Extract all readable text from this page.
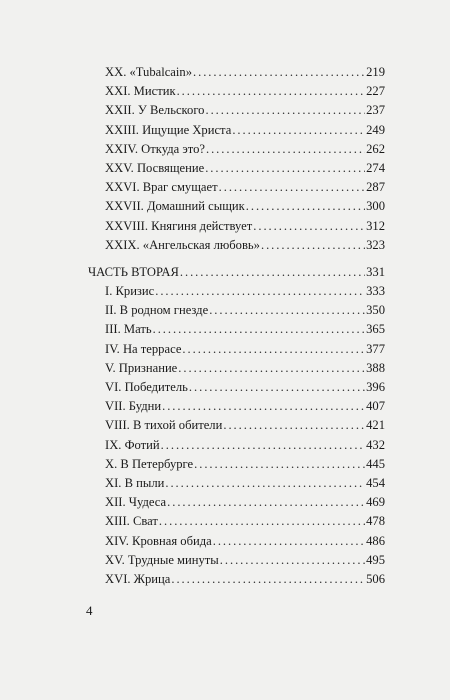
XX. «Tubalcain» . . .	219
XXI. Мистик . . .	227
XXII. У Вельского . . .	237
XXIII. Ищущие Христа . . .	249
XXIV. Откуда это? . . .	262
XXV. Посвящение . . .	274
XXVI. Враг смущает . . .	287
XXVII. Домашний сыщик . . .	300
XXVIII. Княгиня действует . . .	312
XXIX. «Ангельская любовь» . . .	323
ЧАСТЬ ВТОРАЯ . . .	331
I. Кризис . . .	333
II. В родном гнезде . . .	350
III. Мать . . .	365
IV. На террасе . . .	377
V. Признание . . .	388
VI. Победитель . . .	396
VII. Будни . . .	407
VIII. В тихой обители . . .	421
IX. Фотий . . .	432
X. В Петербурге . . .	445
XI. В пыли . . .	454
XII. Чудеса . . .	469
XIII. Сват . . .	478
XIV. Кровная обида . . .	486
XV. Трудные минуты . . .	495
XVI. Жрица . . .	506
4
